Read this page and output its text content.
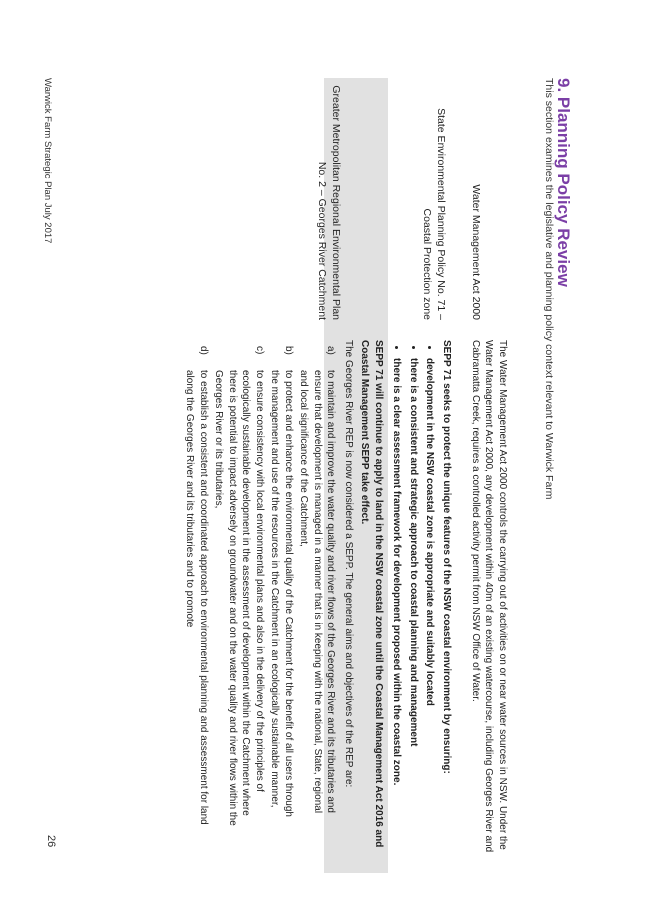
9. Planning Policy Review
This section examines the legislative and planning policy context relevant to Warwick Farm
Water Management Act 2000

The Water Management Act 2000 controls the carrying out of activities on or near water sources in NSW. Under the Water Management Act 2000, any development within 40m of an existing watercourse, including Georges River and Cabramatta Creek, requires a controlled activity permit from NSW Office of Water.

State Environmental Planning Policy No. 71 – Coastal Protection zone

SEPP 71 seeks to protect the unique features of the NSW coastal environment by ensuring:

• development in the NSW coastal zone is appropriate and suitably located
• there is a consistent and strategic approach to coastal planning and management
• there is a clear assessment framework for development proposed within the coastal zone.

SEPP 71 will continue to apply to land in the NSW coastal zone until the Coastal Management Act 2016 and Coastal Management SEPP take effect.

Greater Metropolitan Regional Environmental Plan No. 2 – Georges River Catchment

The Georges River REP is now considered a SEPP. The general aims and objectives of the REP are:

a)
to maintain and improve the water quality and river flows of the Georges River and its tributaries and ensure that development is managed in a manner that is in keeping with the national, State, regional and local significance of the Catchment,
b)
to protect and enhance the environmental quality of the Catchment for the benefit of all users through the management and use of the resources in the Catchment in an ecologically sustainable manner,
c)
to ensure consistency with local environmental plans and also in the delivery of the principles of ecologically sustainable development in the assessment of development within the Catchment where there is potential to impact adversely on groundwater and on the water quality and river flows within the Georges River or its tributaries,
d)
to establish a consistent and coordinated approach to environmental planning and assessment for land along the Georges River and its tributaries and to promote
Warwick Farm Strategic Plan July 2017
26
